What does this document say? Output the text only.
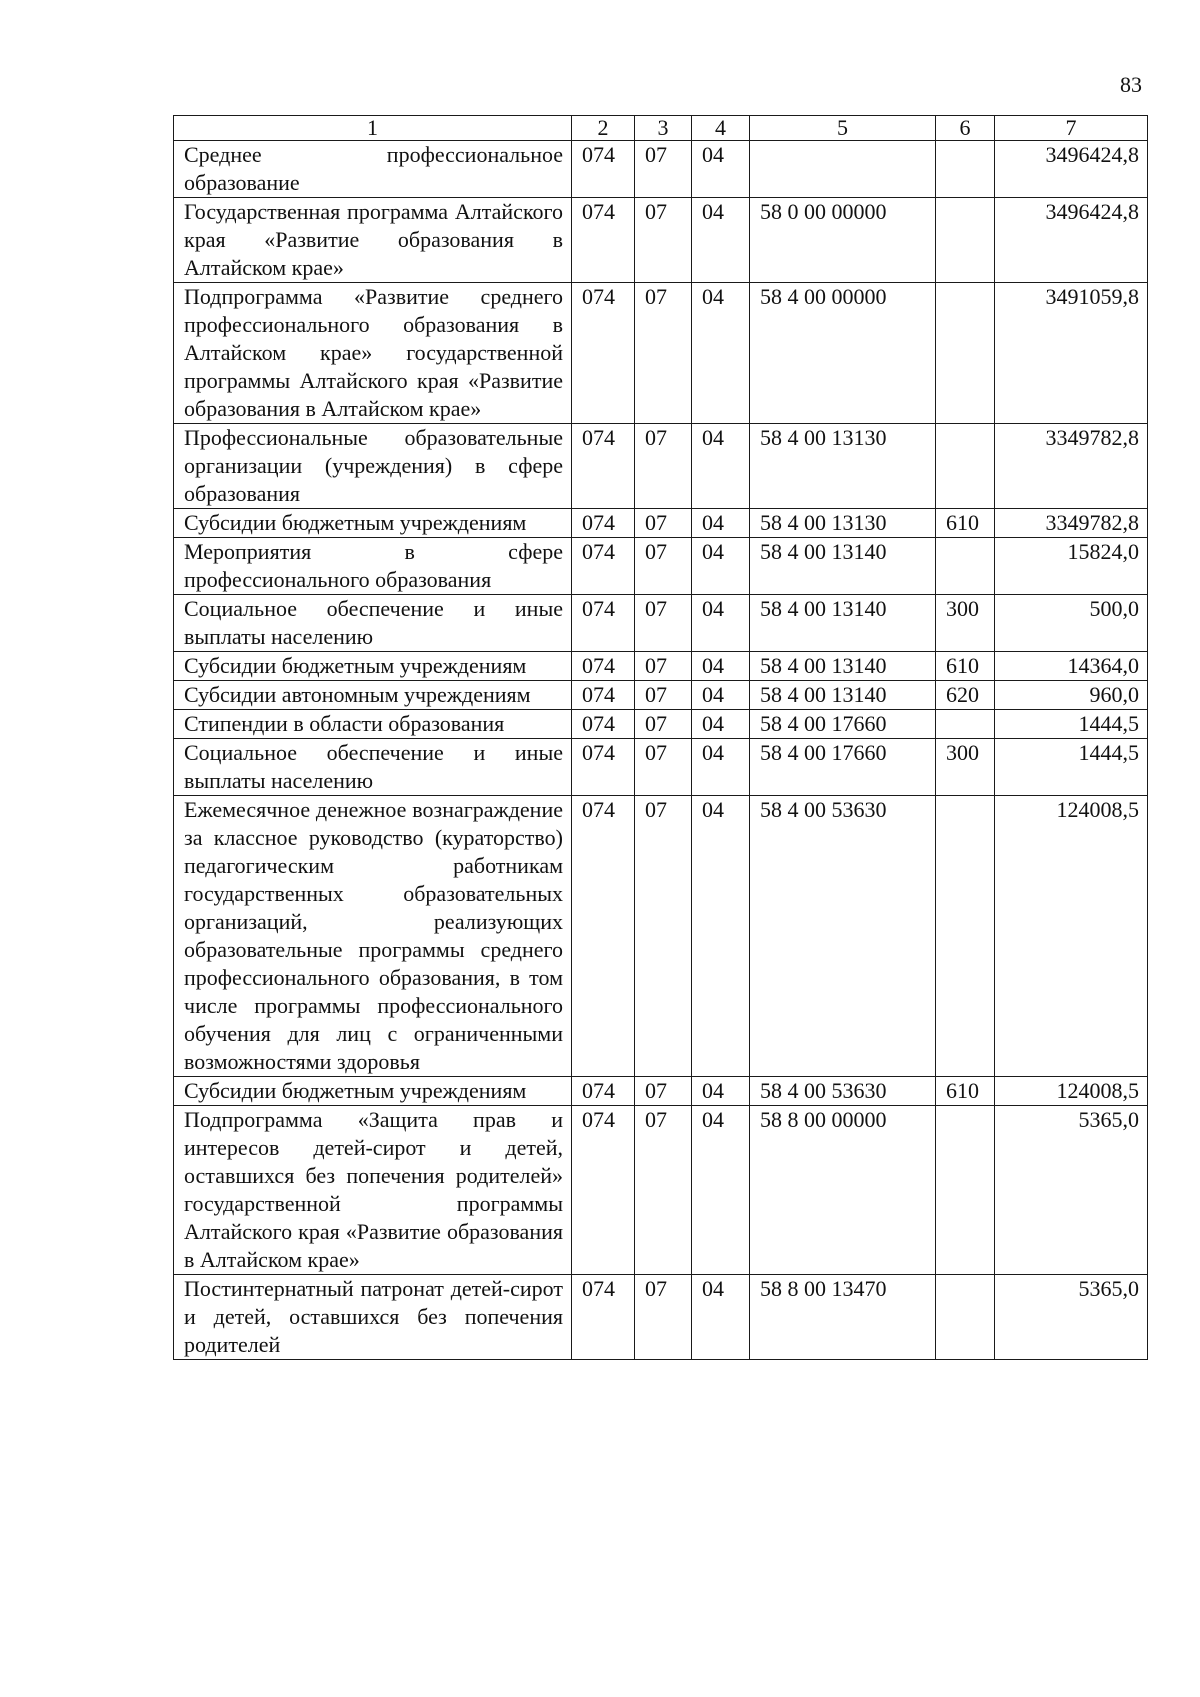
83
1	2	3	4	5	6	7
Среднее профессиональное образование	074	07	04			3496424,8
Государственная программа Алтайского края «Развитие образования в Алтайском крае»	074	07	04	58 0 00 00000		3496424,8
Подпрограмма «Развитие среднего профессионального образования в Алтайском крае» государственной программы Алтайского края «Развитие образования в Алтайском крае»	074	07	04	58 4 00 00000		3491059,8
Профессиональные образовательные организации (учреждения) в сфере образования	074	07	04	58 4 00 13130		3349782,8
Субсидии бюджетным учреждениям	074	07	04	58 4 00 13130	610	3349782,8
Мероприятия в сфере профессионального образования	074	07	04	58 4 00 13140		15824,0
Социальное обеспечение и иные выплаты населению	074	07	04	58 4 00 13140	300	500,0
Субсидии бюджетным учреждениям	074	07	04	58 4 00 13140	610	14364,0
Субсидии автономным учреждениям	074	07	04	58 4 00 13140	620	960,0
Стипендии в области образования	074	07	04	58 4 00 17660		1444,5
Социальное обеспечение и иные выплаты населению	074	07	04	58 4 00 17660	300	1444,5
Ежемесячное денежное вознаграждение за классное руководство (кураторство) педагогическим работникам государственных образовательных организаций, реализующих образовательные программы среднего профессионального образования, в том числе программы профессионального обучения для лиц с ограниченными возможностями здоровья	074	07	04	58 4 00 53630		124008,5
Субсидии бюджетным учреждениям	074	07	04	58 4 00 53630	610	124008,5
Подпрограмма «Защита прав и интересов детей-сирот и детей, оставшихся без попечения родителей» государственной программы Алтайского края «Развитие образования в Алтайском крае»	074	07	04	58 8 00 00000		5365,0
Постинтернатный патронат детей-сирот и детей, оставшихся без попечения родителей	074	07	04	58 8 00 13470		5365,0
